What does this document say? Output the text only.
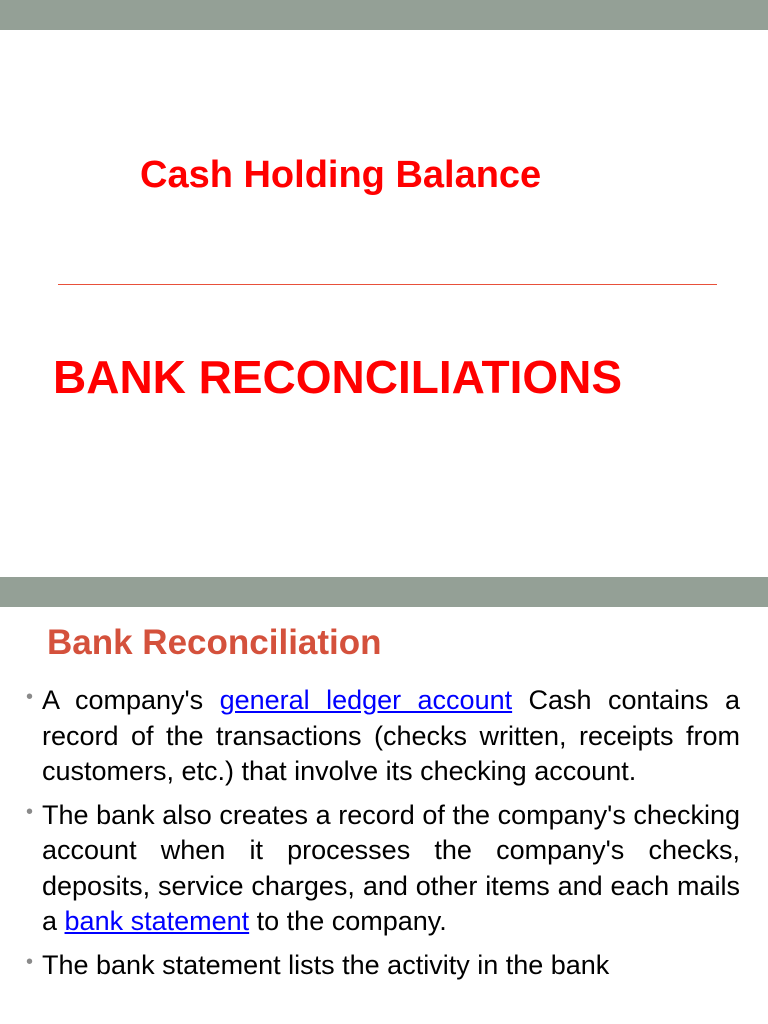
Cash Holding Balance
BANK RECONCILIATIONS
Bank Reconciliation
• A company's general ledger account Cash contains a record of the transactions (checks written, receipts from customers, etc.) that involve its checking account.
• The bank also creates a record of the company's checking account when it processes the company's checks, deposits, service charges, and other items and each mails a bank statement to the company.
• The bank statement lists the activity in the bank
